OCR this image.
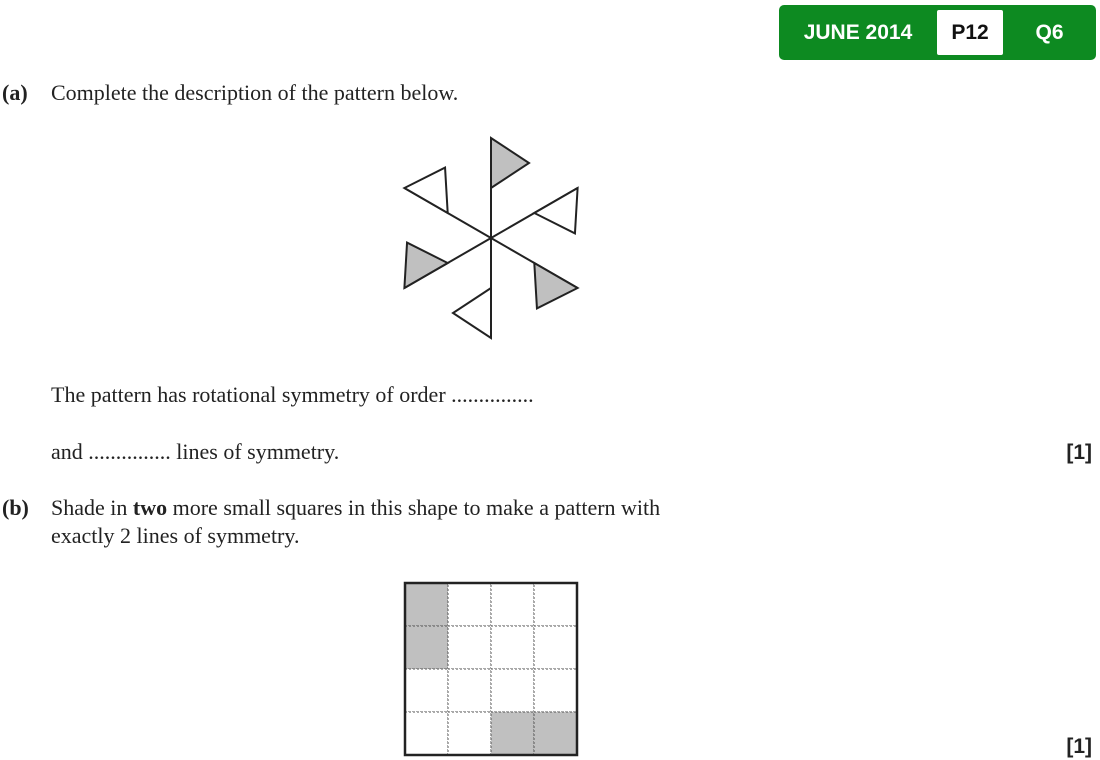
JUNE 2014	P12	Q6
(a) Complete the description of the pattern below.
The pattern has rotational symmetry of order ...............
and ............... lines of symmetry.	[1]
(b) Shade in two more small squares in this shape to make a pattern with
exactly 2 lines of symmetry.
[1]
